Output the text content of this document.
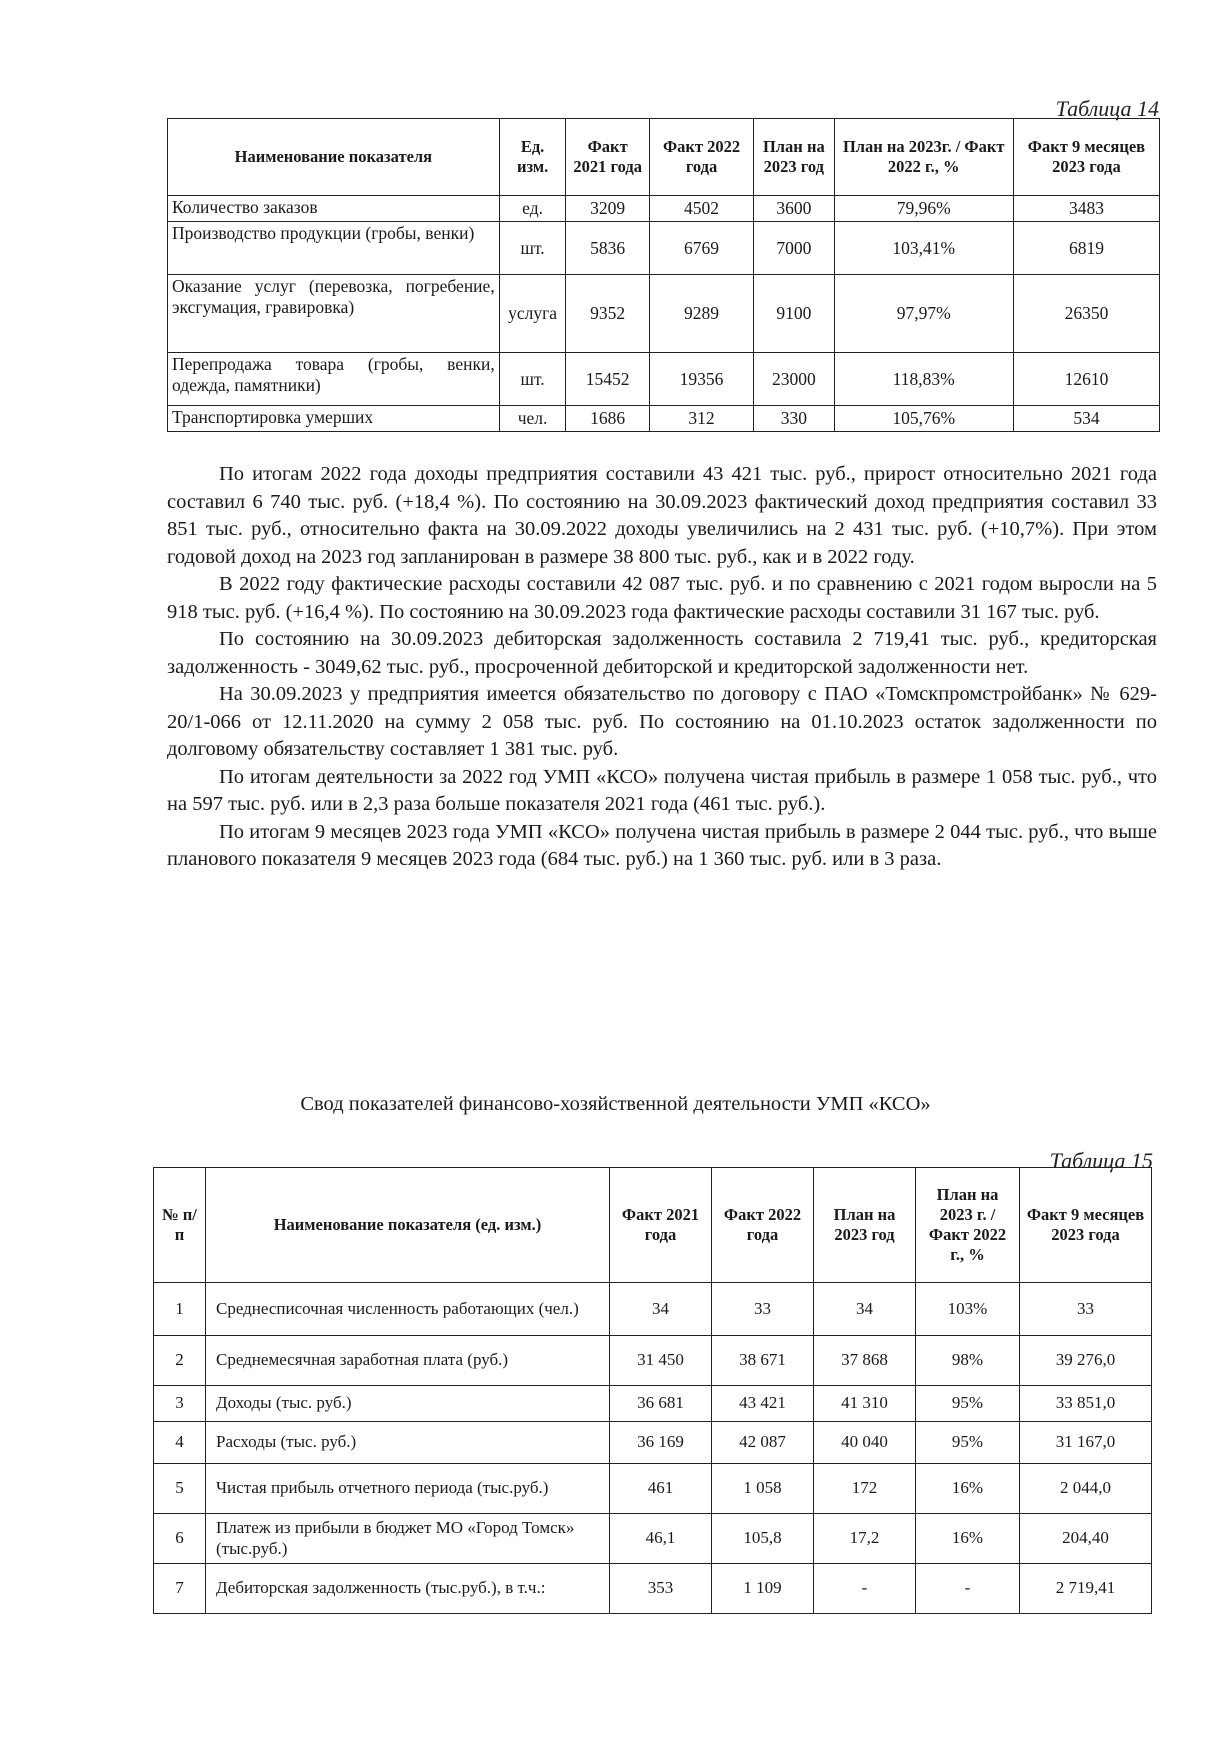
Таблица 14
Наименование показателя	Ед. изм.	Факт 2021 года	Факт 2022 года	План на 2023 год	План на 2023г. / Факт 2022 г., %	Факт 9 месяцев 2023 года
Количество заказов	ед.	3209	4502	3600	79,96%	3483
Производство продукции (гробы, венки)	шт.	5836	6769	7000	103,41%	6819
Оказание услуг (перевозка, погребение, эксгумация, гравировка)	услуга	9352	9289	9100	97,97%	26350
Перепродажа товара (гробы, венки, одежда, памятники)	шт.	15452	19356	23000	118,83%	12610
Транспортировка умерших	чел.	1686	312	330	105,76%	534

По итогам 2022 года доходы предприятия составили 43 421 тыс. руб., прирост относительно 2021 года составил 6 740 тыс. руб. (+18,4 %). По состоянию на 30.09.2023 фактический доход предприятия составил 33 851 тыс. руб., относительно факта на 30.09.2022 доходы увеличились на 2 431 тыс. руб. (+10,7%). При этом годовой доход на 2023 год запланирован в размере 38 800 тыс. руб., как и в 2022 году.

В 2022 году фактические расходы составили 42 087 тыс. руб. и по сравнению с 2021 годом выросли на 5 918 тыс. руб. (+16,4 %). По состоянию на 30.09.2023 года фактические расходы составили 31 167 тыс. руб.

По состоянию на 30.09.2023 дебиторская задолженность составила 2 719,41 тыс. руб., кредиторская задолженность - 3049,62 тыс. руб., просроченной дебиторской и кредиторской задолженности нет.

На 30.09.2023 у предприятия имеется обязательство по договору с ПАО «Томскпромстройбанк» № 629-20/1-066 от 12.11.2020 на сумму 2 058 тыс. руб. По состоянию на 01.10.2023 остаток задолженности по долговому обязательству составляет 1 381 тыс. руб.

По итогам деятельности за 2022 год УМП «КСО» получена чистая прибыль в размере 1 058 тыс. руб., что на 597 тыс. руб. или в 2,3 раза больше показателя 2021 года (461 тыс. руб.).

По итогам 9 месяцев 2023 года УМП «КСО» получена чистая прибыль в размере 2 044 тыс. руб., что выше планового показателя 9 месяцев 2023 года (684 тыс. руб.) на 1 360 тыс. руб. или в 3 раза.

Свод показателей финансово-хозяйственной деятельности УМП «КСО»
Таблица 15
№ п/п	Наименование показателя (ед. изм.)	Факт 2021 года	Факт 2022 года	План на 2023 год	План на 2023 г. / Факт 2022 г., %	Факт 9 месяцев 2023 года
1	Среднесписочная численность работающих (чел.)	34	33	34	103%	33
2	Среднемесячная заработная плата (руб.)	31 450	38 671	37 868	98%	39 276,0
3	Доходы (тыс. руб.)	36 681	43 421	41 310	95%	33 851,0
4	Расходы (тыс. руб.)	36 169	42 087	40 040	95%	31 167,0
5	Чистая прибыль отчетного периода (тыс.руб.)	461	1 058	172	16%	2 044,0
6	Платеж из прибыли в бюджет МО «Город Томск» (тыс.руб.)	46,1	105,8	17,2	16%	204,40
7	Дебиторская задолженность (тыс.руб.), в т.ч.:	353	1 109	-	-	2 719,41
